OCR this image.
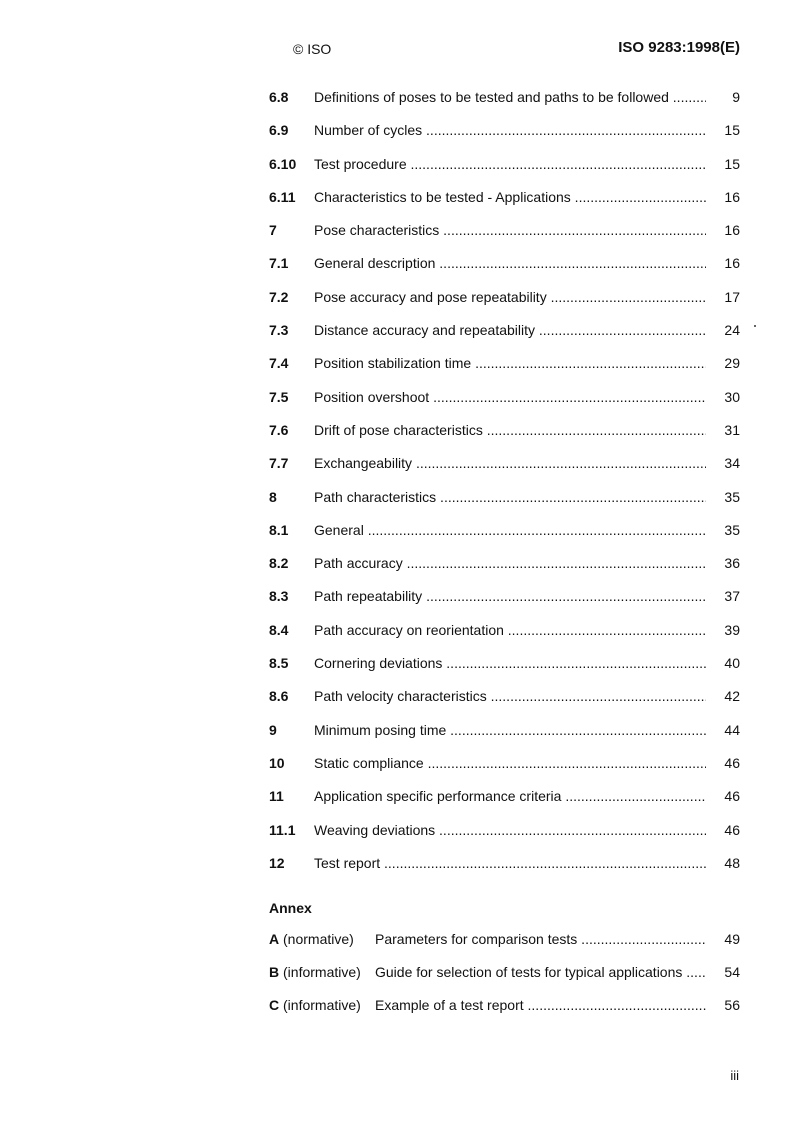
© ISO	ISO 9283:1998(E)
6.8 Definitions of poses to be tested and paths to be followed .....	9
6.9 Number of cycles .....	15
6.10 Test procedure .....	15
6.11 Characteristics to be tested - Applications .....	16
7	Pose characteristics .....	16
7.1 General description .....	16
7.2 Pose accuracy and pose repeatability .....	17
7.3 Distance accuracy and repeatability .....	24
7.4 Position stabilization time .....	29
7.5 Position overshoot .....	30
7.6 Drift of pose characteristics .....	31
7.7 Exchangeability .....	34
8	Path characteristics .....	35
8.1 General .....	35
8.2 Path accuracy .....	36
8.3 Path repeatability .....	37
8.4 Path accuracy on reorientation .....	39
8.5 Cornering deviations .....	40
8.6 Path velocity characteristics .....	42
9	Minimum posing time .....	44
10 Static compliance .....	46
11 Application specific performance criteria .....	46
11.1 Weaving deviations .....	46
12 Test report .....	48
Annex
A (normative) Parameters for comparison tests .....	49
B (informative) Guide for selection of tests for typical applications .....	54
C (informative) Example of a test report .....	56
iii
